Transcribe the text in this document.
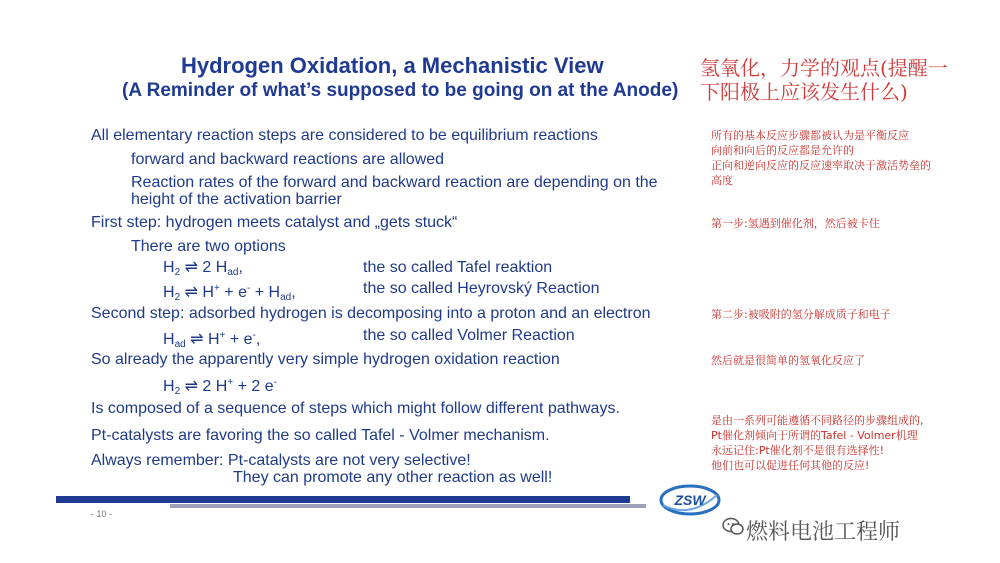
Hydrogen Oxidation, a Mechanistic View
(A Reminder of what’s supposed to be going on at the Anode)
氢氧化，力学的观点(提醒一
下阳极上应该发生什么)
All elementary reaction steps are considered to be equilibrium reactions
forward and backward reactions are allowed
Reaction rates of the forward and backward reaction are depending on the
height of the activation barrier
First step: hydrogen meets catalyst and „gets stuck“
There are two options
$H_2$ ⇌ 2 $H_{ad}$,	the so called Tafel reaktion
$H_2$ ⇌ $H^+ + e^- + H_{ad}$,	the so called Heyrovský Reaction
Second step: adsorbed hydrogen is decomposing into a proton and an electron
$H_{ad}$ ⇌ H+ + e-,	the so called Volmer Reaction
So already the apparently very simple hydrogen oxidation reaction
$H_2$ ⇌ 2 H+ + 2 e-
Is composed of a sequence of steps which might follow different pathways.
Pt-catalysts are favoring the so called Tafel - Volmer mechanism.
Always remember: Pt-catalysts are not very selective!
They can promote any other reaction as well!
所有的基本反应步骤都被认为是平衡反应
向前和向后的反应都是允许的
正向和逆向反应的反应速率取决于激活势垒的
高度
第一步:氢遇到催化剂，然后被卡住
第二步:被吸附的氢分解成质子和电子
然后就是很简单的氢氧化反应了
是由一系列可能遵循不同路径的步骤组成的,
Pt催化剂倾向于所谓的Tafel - Volmer机理
永远记住:Pt催化剂不是很有选择性!
他们也可以促进任何其他的反应!
- 10 -
ZSW
燃料电池工程师
